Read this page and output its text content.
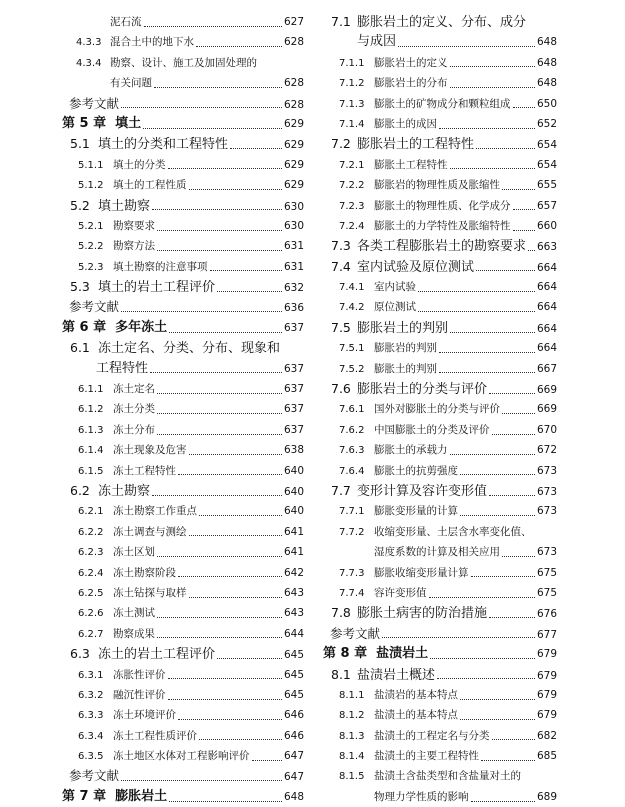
泥石流	627
4.3.3 混合土中的地下水	628
4.3.4 勘察、设计、施工及加固处理的
有关问题	628
参考文献	628
第 5 章 填土	629
5.1 填土的分类和工程特性	629
5.1.1 填土的分类	629
5.1.2 填土的工程性质	629
5.2 填土勘察	630
5.2.1 勘察要求	630
5.2.2 勘察方法	631
5.2.3 填土勘察的注意事项	631
5.3 填土的岩土工程评价	632
参考文献	636
第 6 章 多年冻土	637
6.1 冻土定名、分类、分布、现象和
工程特性	637
6.1.1 冻土定名	637
6.1.2 冻土分类	637
6.1.3 冻土分布	637
6.1.4 冻土现象及危害	638
6.1.5 冻土工程特性	640
6.2 冻土勘察	640
6.2.1 冻土勘察工作重点	640
6.2.2 冻土调查与测绘	641
6.2.3 冻土区划	641
6.2.4 冻土勘察阶段	642
6.2.5 冻土钻探与取样	643
6.2.6 冻土测试	643
6.2.7 勘察成果	644
6.3 冻土的岩土工程评价	645
6.3.1 冻胀性评价	645
6.3.2 融沉性评价	645
6.3.3 冻土环境评价	646
6.3.4 冻土工程性质评价	646
6.3.5 冻土地区水体对工程影响评价	647
参考文献	647
第 7 章 膨胀岩土	648
7.1 膨胀岩土的定义、分布、成分
与成因	648
7.1.1 膨胀岩土的定义	648
7.1.2 膨胀岩土的分布	648
7.1.3 膨胀土的矿物成分和颗粒组成	650
7.1.4 膨胀土的成因	652
7.2 膨胀岩土的工程特性	654
7.2.1 膨胀土工程特性	654
7.2.2 膨胀岩的物理性质及胀缩性	655
7.2.3 膨胀土的物理性质、化学成分	657
7.2.4 膨胀土的力学特性及胀缩特性	660
7.3 各类工程膨胀岩土的勘察要求 663
7.4 室内试验及原位测试	664
7.4.1 室内试验	664
7.4.2 原位测试	664
7.5 膨胀岩土的判别	664
7.5.1 膨胀岩的判别	664
7.5.2 膨胀土的判别	667
7.6 膨胀岩土的分类与评价	669
7.6.1 国外对膨胀土的分类与评价	669
7.6.2 中国膨胀土的分类及评价	670
7.6.3 膨胀土的承载力	672
7.6.4 膨胀土的抗剪强度	673
7.7 变形计算及容许变形值	673
7.7.1 膨胀变形量的计算	673
7.7.2 收缩变形量、土层含水率变化值、
湿度系数的计算及相关应用	673
7.7.3 膨胀收缩变形量计算	675
7.7.4 容许变形值	675
7.8 膨胀土病害的防治措施	676
参考文献	677
第 8 章 盐渍岩土	679
8.1 盐渍岩土概述	679
8.1.1 盐渍岩的基本特点	679
8.1.2 盐渍土的基本特点	679
8.1.3 盐渍土的工程定名与分类	682
8.1.4 盐渍土的主要工程特性	685
8.1.5 盐渍土含盐类型和含盐量对土的
物理力学性质的影响	689
